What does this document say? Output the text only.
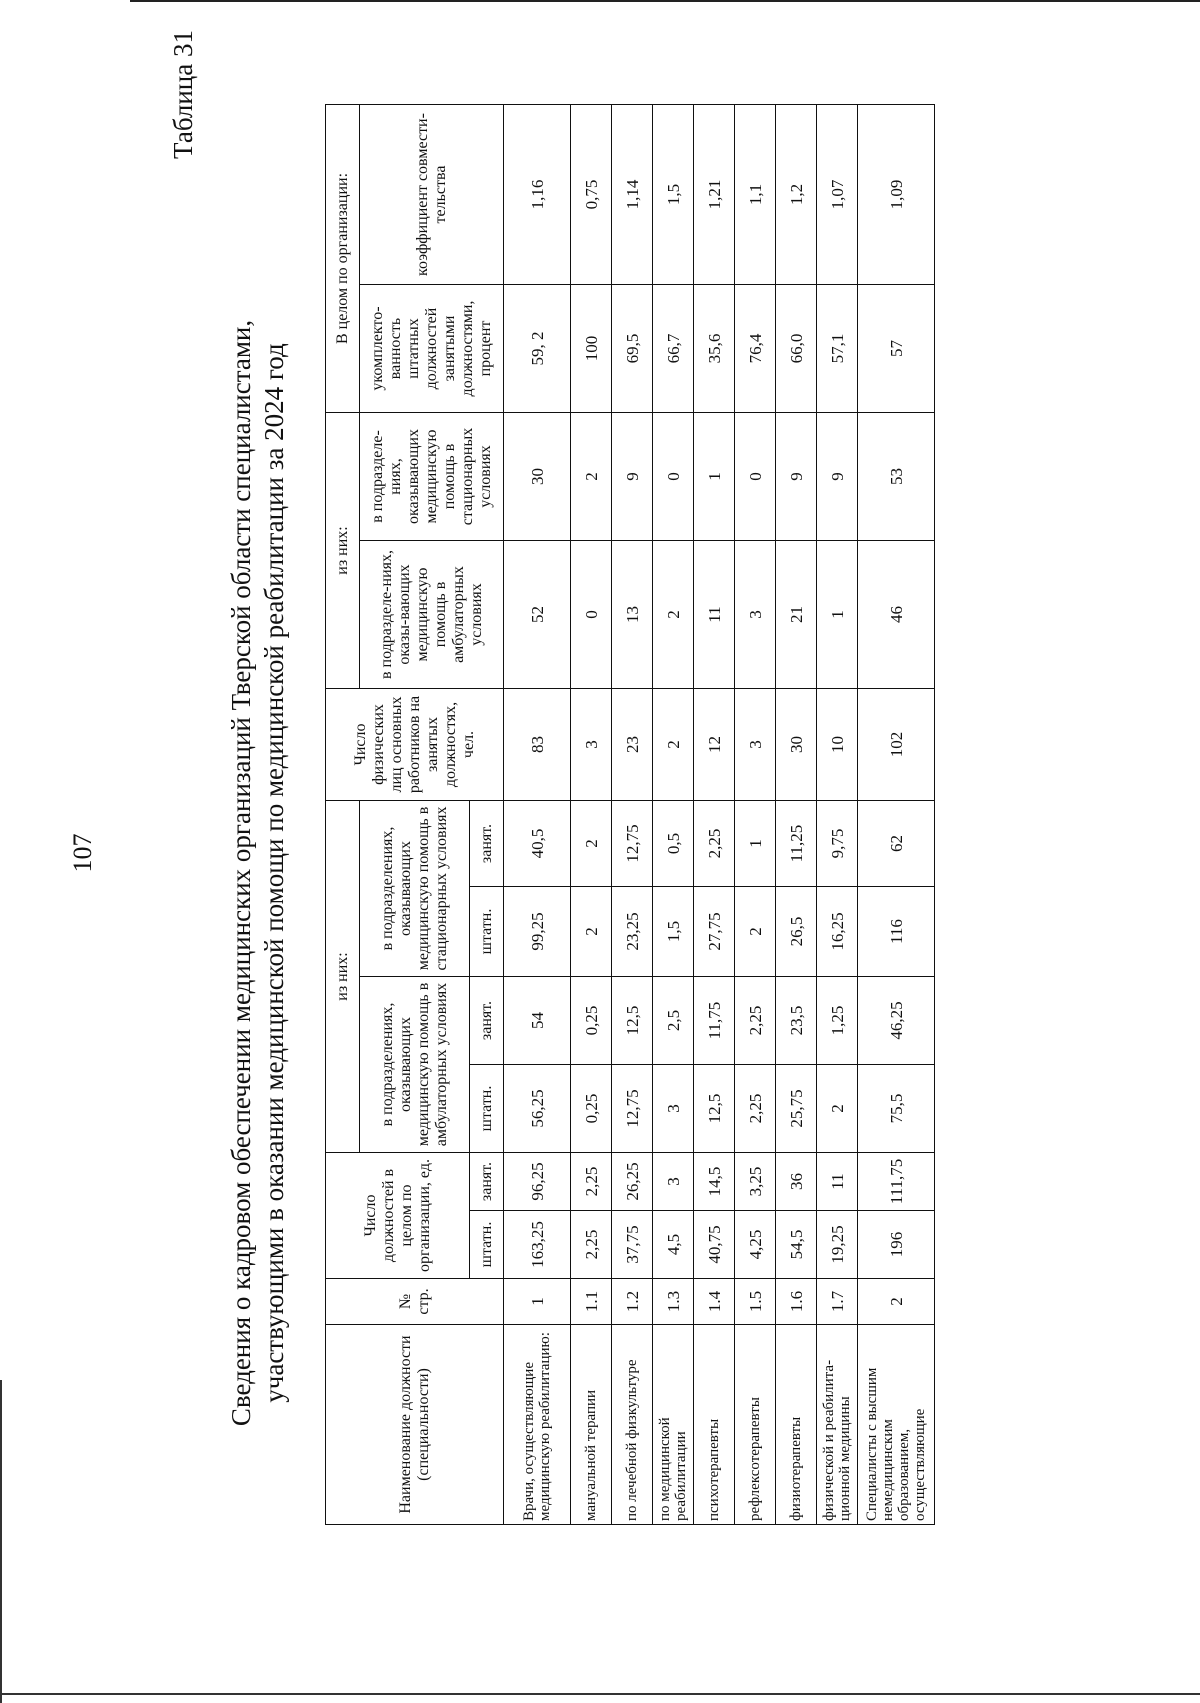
107
Таблица 31
Сведения о кадровом обеспечении медицинских организаций Тверской области специалистами, участвующими в оказании медицинской помощи по медицинской реабилитации за 2024 год
Наименование должности (специальности)	№ стр.	Число должностей в целом по организации, ед.		из них:				Число физических лиц основных работников на занятых должностях, чел.	из них:		В целом по организации:	
				в подразделениях, оказывающих медицинскую помощь в амбулаторных условиях		в подразделениях, оказывающих медицинскую помощь в стационарных условиях			в подразделе-ниях, оказы-вающих медицинскую помощь в амбулаторных условиях	в подразделе-ниях, оказывающих медицинскую помощь в стационарных условиях	укомплекто-ванность штатных должностей занятыми должностями, процент	коэффициент совмести-тельства
		штатн.	занят.	штатн.	занят.	штатн.	занят.					
Врачи, осуществляющие медицинскую реабилитацию:	1	163,25	96,25	56,25	54	99,25	40,5	83	52	30	59, 2	1,16
мануальной терапии	1.1	2,25	2,25	0,25	0,25	2	2	3	0	2	100	0,75
по лечебной физкультуре	1.2	37,75	26,25	12,75	12,5	23,25	12,75	23	13	9	69,5	1,14
по медицинской реабилитации	1.3	4,5	3	3	2,5	1,5	0,5	2	2	0	66,7	1,5
психотерапевты	1.4	40,75	14,5	12,5	11,75	27,75	2,25	12	11	1	35,6	1,21
рефлексотерапевты	1.5	4,25	3,25	2,25	2,25	2	1	3	3	0	76,4	1,1
физиотерапевты	1.6	54,5	36	25,75	23,5	26,5	11,25	30	21	9	66,0	1,2
физической и реабилита-ционной медицины	1.7	19,25	11	2	1,25	16,25	9,75	10	1	9	57,1	1,07
Специалисты с высшим немедицинским образованием, осуществляющие	2	196	111,75	75,5	46,25	116	62	102	46	53	57	1,09
